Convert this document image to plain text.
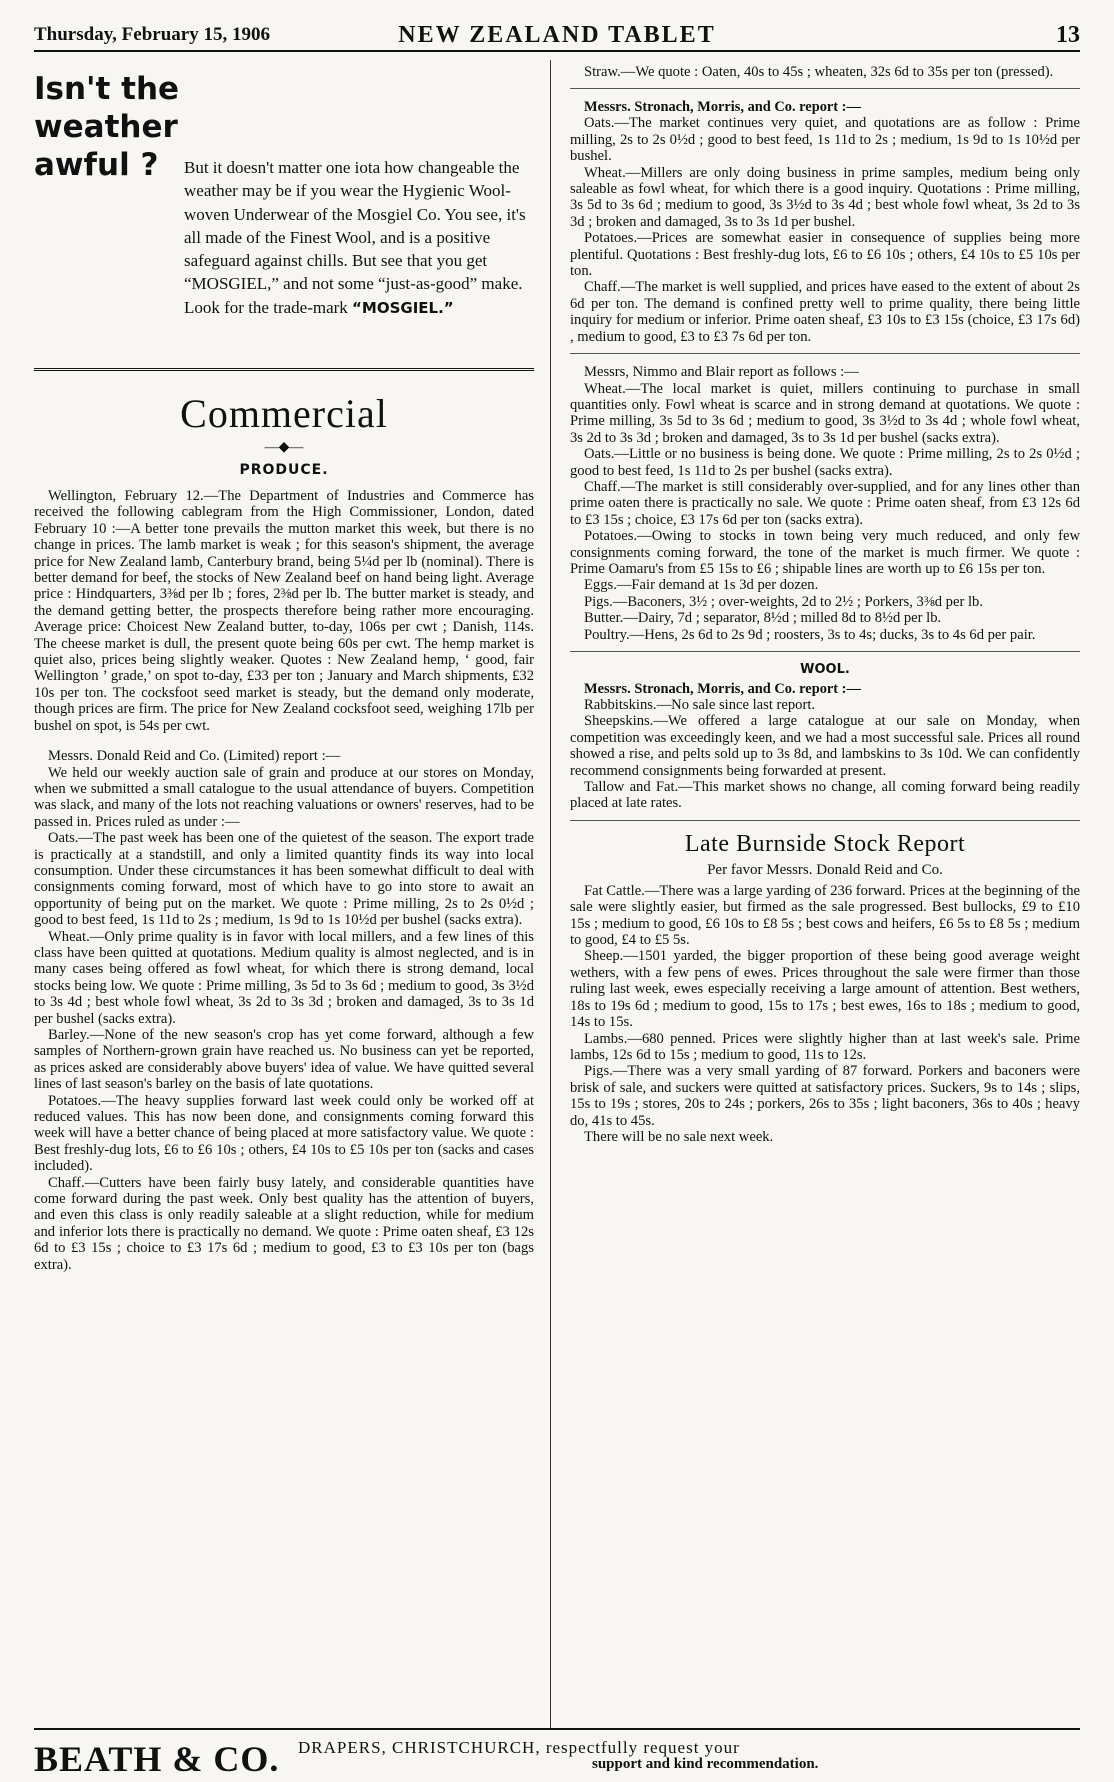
Thursday, February 15, 1906	NEW ZEALAND TABLET	13
Isn't the weather awful ?	But it doesn't matter one iota how changeable the weather may be if you wear the Hygienic Wool-woven Underwear of the Mosgiel Co. You see, it's all made of the Finest Wool, and is a positive safeguard against chills. But see that you get “MOSGIEL,” and not some “just-as-good” make. Look for the trade-mark “MOSGIEL.”
Commercial
—◆—
PRODUCE.

Wellington, February 12.—The Department of Industries and Commerce has received the following cablegram from the High Commissioner, London, dated February 10 :—A better tone prevails the mutton market this week, but there is no change in prices. The lamb market is weak ; for this season's shipment, the average price for New Zealand lamb, Canterbury brand, being 5¼d per lb (nominal). There is better demand for beef, the stocks of New Zealand beef on hand being light. Average price : Hindquarters, 3⅜d per lb ; fores, 2⅜d per lb. The butter market is steady, and the demand getting better, the prospects therefore being rather more encouraging. Average price: Choicest New Zealand butter, to-day, 106s per cwt ; Danish, 114s. The cheese market is dull, the present quote being 60s per cwt. The hemp market is quiet also, prices being slightly weaker. Quotes : New Zealand hemp, ‘ good, fair Wellington ’ grade,’ on spot to-day, £33 per ton ; January and March shipments, £32 10s per ton. The cocksfoot seed market is steady, but the demand only moderate, though prices are firm. The price for New Zealand cocksfoot seed, weighing 17lb per bushel on spot, is 54s per cwt.

Messrs. Donald Reid and Co. (Limited) report :—

We held our weekly auction sale of grain and produce at our stores on Monday, when we submitted a small catalogue to the usual attendance of buyers. Competition was slack, and many of the lots not reaching valuations or owners' reserves, had to be passed in. Prices ruled as under :—

Oats.—The past week has been one of the quietest of the season. The export trade is practically at a standstill, and only a limited quantity finds its way into local consumption. Under these circumstances it has been somewhat difficult to deal with consignments coming forward, most of which have to go into store to await an opportunity of being put on the market. We quote : Prime milling, 2s to 2s 0½d ; good to best feed, 1s 11d to 2s ; medium, 1s 9d to 1s 10½d per bushel (sacks extra).

Wheat.—Only prime quality is in favor with local millers, and a few lines of this class have been quitted at quotations. Medium quality is almost neglected, and is in many cases being offered as fowl wheat, for which there is strong demand, local stocks being low. We quote : Prime milling, 3s 5d to 3s 6d ; medium to good, 3s 3½d to 3s 4d ; best whole fowl wheat, 3s 2d to 3s 3d ; broken and damaged, 3s to 3s 1d per bushel (sacks extra).

Barley.—None of the new season's crop has yet come forward, although a few samples of Northern-grown grain have reached us. No business can yet be reported, as prices asked are considerably above buyers' idea of value. We have quitted several lines of last season's barley on the basis of late quotations.

Potatoes.—The heavy supplies forward last week could only be worked off at reduced values. This has now been done, and consignments coming forward this week will have a better chance of being placed at more satisfactory value. We quote : Best freshly-dug lots, £6 to £6 10s ; others, £4 10s to £5 10s per ton (sacks and cases included).

Chaff.—Cutters have been fairly busy lately, and considerable quantities have come forward during the past week. Only best quality has the attention of buyers, and even this class is only readily saleable at a slight reduction, while for medium and inferior lots there is practically no demand. We quote : Prime oaten sheaf, £3 12s 6d to £3 15s ; choice to £3 17s 6d ; medium to good, £3 to £3 10s per ton (bags extra).

Straw.—We quote : Oaten, 40s to 45s ; wheaten, 32s 6d to 35s per ton (pressed).

Messrs. Stronach, Morris, and Co. report :—

Oats.—The market continues very quiet, and quotations are as follow : Prime milling, 2s to 2s 0½d ; good to best feed, 1s 11d to 2s ; medium, 1s 9d to 1s 10½d per bushel.

Wheat.—Millers are only doing business in prime samples, medium being only saleable as fowl wheat, for which there is a good inquiry. Quotations : Prime milling, 3s 5d to 3s 6d ; medium to good, 3s 3½d to 3s 4d ; best whole fowl wheat, 3s 2d to 3s 3d ; broken and damaged, 3s to 3s 1d per bushel.

Potatoes.—Prices are somewhat easier in consequence of supplies being more plentiful. Quotations : Best freshly-dug lots, £6 to £6 10s ; others, £4 10s to £5 10s per ton.

Chaff.—The market is well supplied, and prices have eased to the extent of about 2s 6d per ton. The demand is confined pretty well to prime quality, there being little inquiry for medium or inferior. Prime oaten sheaf, £3 10s to £3 15s (choice, £3 17s 6d) , medium to good, £3 to £3 7s 6d per ton.

Messrs, Nimmo and Blair report as follows :—

Wheat.—The local market is quiet, millers continuing to purchase in small quantities only. Fowl wheat is scarce and in strong demand at quotations. We quote : Prime milling, 3s 5d to 3s 6d ; medium to good, 3s 3½d to 3s 4d ; whole fowl wheat, 3s 2d to 3s 3d ; broken and damaged, 3s to 3s 1d per bushel (sacks extra).

Oats.—Little or no business is being done. We quote : Prime milling, 2s to 2s 0½d ; good to best feed, 1s 11d to 2s per bushel (sacks extra).

Chaff.—The market is still considerably over-supplied, and for any lines other than prime oaten there is practically no sale. We quote : Prime oaten sheaf, from £3 12s 6d to £3 15s ; choice, £3 17s 6d per ton (sacks extra).

Potatoes.—Owing to stocks in town being very much reduced, and only few consignments coming forward, the tone of the market is much firmer. We quote : Prime Oamaru's from £5 15s to £6 ; shipable lines are worth up to £6 15s per ton.

Eggs.—Fair demand at 1s 3d per dozen.

Pigs.—Baconers, 3½ ; over-weights, 2d to 2½ ; Porkers, 3⅜d per lb.

Butter.—Dairy, 7d ; separator, 8½d ; milled 8d to 8½d per lb.

Poultry.—Hens, 2s 6d to 2s 9d ; roosters, 3s to 4s; ducks, 3s to 4s 6d per pair.

WOOL.

Messrs. Stronach, Morris, and Co. report :—

Rabbitskins.—No sale since last report.

Sheepskins.—We offered a large catalogue at our sale on Monday, when competition was exceedingly keen, and we had a most successful sale. Prices all round showed a rise, and pelts sold up to 3s 8d, and lambskins to 3s 10d. We can confidently recommend consignments being forwarded at present.

Tallow and Fat.—This market shows no change, all coming forward being readily placed at late rates.

Late Burnside Stock Report
Per favor Messrs. Donald Reid and Co.

Fat Cattle.—There was a large yarding of 236 forward. Prices at the beginning of the sale were slightly easier, but firmed as the sale progressed. Best bullocks, £9 to £10 15s ; medium to good, £6 10s to £8 5s ; best cows and heifers, £6 5s to £8 5s ; medium to good, £4 to £5 5s.

Sheep.—1501 yarded, the bigger proportion of these being good average weight wethers, with a few pens of ewes. Prices throughout the sale were firmer than those ruling last week, ewes especially receiving a large amount of attention. Best wethers, 18s to 19s 6d ; medium to good, 15s to 17s ; best ewes, 16s to 18s ; medium to good, 14s to 15s.

Lambs.—680 penned. Prices were slightly higher than at last week's sale. Prime lambs, 12s 6d to 15s ; medium to good, 11s to 12s.

Pigs.—There was a very small yarding of 87 forward. Porkers and baconers were brisk of sale, and suckers were quitted at satisfactory prices. Suckers, 9s to 14s ; slips, 15s to 19s ; stores, 20s to 24s ; porkers, 26s to 35s ; light baconers, 36s to 40s ; heavy do, 41s to 45s.

There will be no sale next week.

BEATH & CO. DRAPERS, CHRISTCHURCH, respectfully request your
support and kind recommendation.
